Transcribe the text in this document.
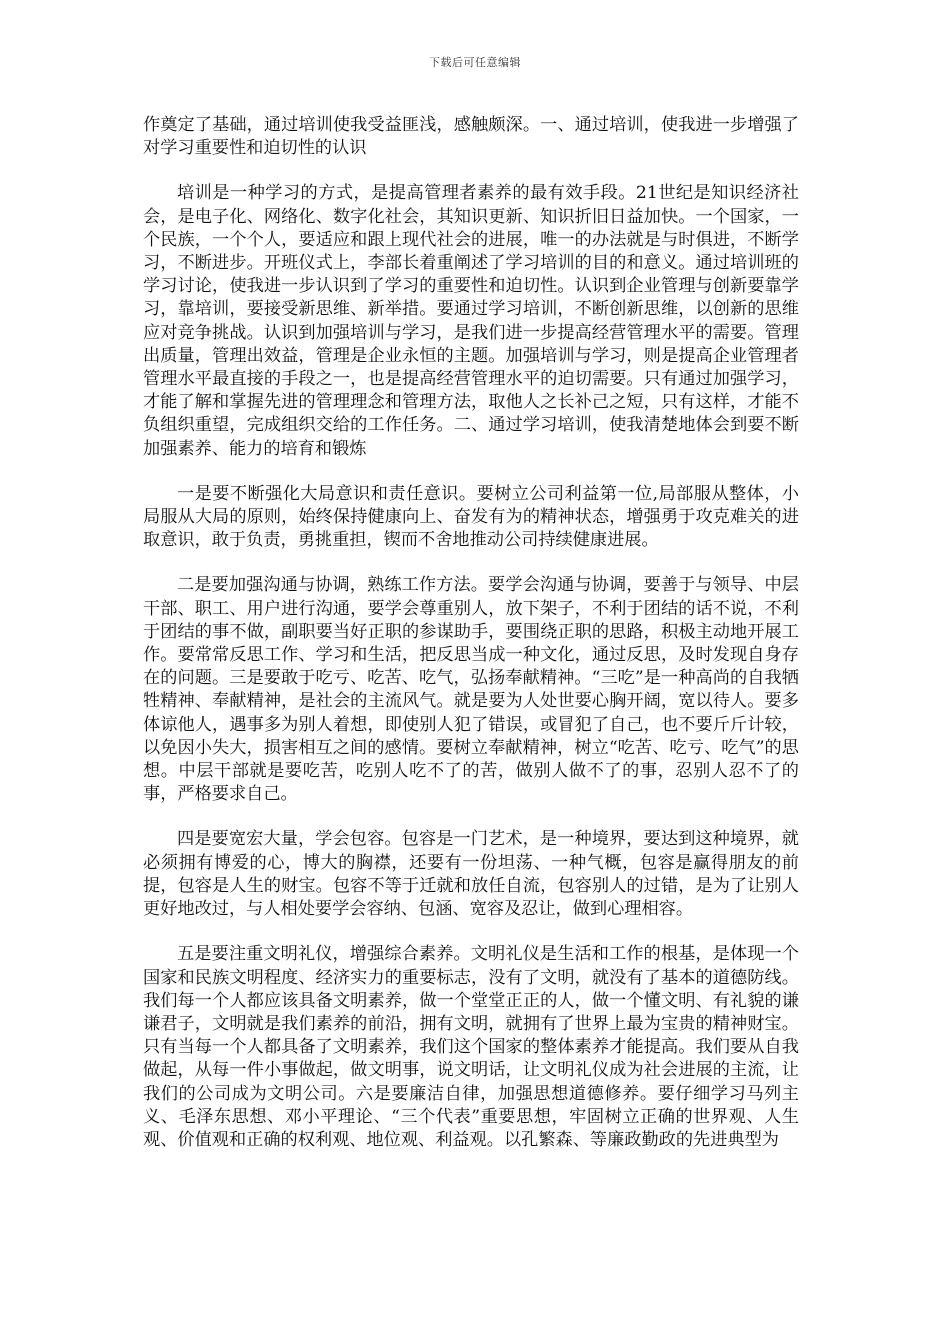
下载后可任意编辑

作奠定了基础，通过培训使我受益匪浅，感触颇深。一、通过培训，使我进一步增强了对学习重要性和迫切性的认识

培训是一种学习的方式，是提高管理者素养的最有效手段。21世纪是知识经济社会，是电子化、网络化、数字化社会，其知识更新、知识折旧日益加快。一个国家，一个民族，一个个人，要适应和跟上现代社会的进展，唯一的办法就是与时俱进，不断学习，不断进步。开班仪式上，李部长着重阐述了学习培训的目的和意义。通过培训班的学习讨论，使我进一步认识到了学习的重要性和迫切性。认识到企业管理与创新要靠学习，靠培训，要接受新思维、新举措。要通过学习培训，不断创新思维，以创新的思维应对竞争挑战。认识到加强培训与学习，是我们进一步提高经营管理水平的需要。管理出质量，管理出效益，管理是企业永恒的主题。加强培训与学习，则是提高企业管理者管理水平最直接的手段之一，也是提高经营管理水平的迫切需要。只有通过加强学习，才能了解和掌握先进的管理理念和管理方法，取他人之长补己之短，只有这样，才能不负组织重望，完成组织交给的工作任务。二、通过学习培训，使我清楚地体会到要不断加强素养、能力的培育和锻炼

一是要不断强化大局意识和责任意识。要树立公司利益第一位,局部服从整体，小局服从大局的原则，始终保持健康向上、奋发有为的精神状态，增强勇于攻克难关的进取意识，敢于负责，勇挑重担，锲而不舍地推动公司持续健康进展。

二是要加强沟通与协调，熟练工作方法。要学会沟通与协调，要善于与领导、中层干部、职工、用户进行沟通，要学会尊重别人，放下架子，不利于团结的话不说，不利于团结的事不做，副职要当好正职的参谋助手，要围绕正职的思路，积极主动地开展工作。要常常反思工作、学习和生活，把反思当成一种文化，通过反思，及时发现自身存在的问题。三是要敢于吃亏、吃苦、吃气，弘扬奉献精神。“三吃”是一种高尚的自我牺牲精神、奉献精神，是社会的主流风气。就是要为人处世要心胸开阔，宽以待人。要多体谅他人，遇事多为别人着想，即使别人犯了错误，或冒犯了自己，也不要斤斤计较，以免因小失大，损害相互之间的感情。要树立奉献精神，树立“吃苦、吃亏、吃气”的思想。中层干部就是要吃苦，吃别人吃不了的苦，做别人做不了的事，忍别人忍不了的事，严格要求自己。

四是要宽宏大量，学会包容。包容是一门艺术，是一种境界，要达到这种境界，就必须拥有博爱的心，博大的胸襟，还要有一份坦荡、一种气概，包容是赢得朋友的前提，包容是人生的财宝。包容不等于迁就和放任自流，包容别人的过错，是为了让别人更好地改过，与人相处要学会容纳、包涵、宽容及忍让，做到心理相容。

五是要注重文明礼仪，增强综合素养。文明礼仪是生活和工作的根基，是体现一个国家和民族文明程度、经济实力的重要标志，没有了文明，就没有了基本的道德防线。我们每一个人都应该具备文明素养，做一个堂堂正正的人，做一个懂文明、有礼貌的谦谦君子，文明就是我们素养的前沿，拥有文明，就拥有了世界上最为宝贵的精神财宝。只有当每一个人都具备了文明素养，我们这个国家的整体素养才能提高。我们要从自我做起，从每一件小事做起，做文明事，说文明话，让文明礼仪成为社会进展的主流，让我们的公司成为文明公司。六是要廉洁自律，加强思想道德修养。要仔细学习马列主义、毛泽东思想、邓小平理论、“三个代表”重要思想，牢固树立正确的世界观、人生观、价值观和正确的权利观、地位观、利益观。以孔繁森、等廉政勤政的先进典型为
